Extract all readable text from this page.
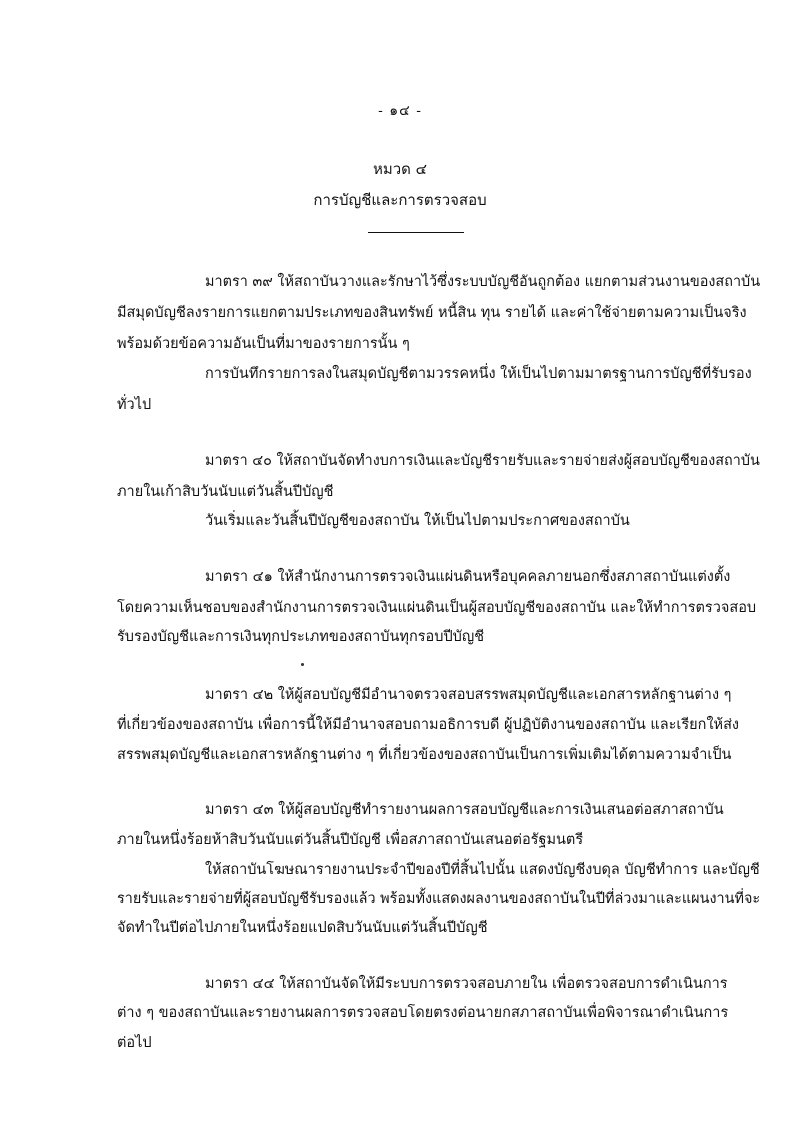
- ๑๔ -
หมวด ๔
การบัญชีและการตรวจสอบ
มาตรา ๓๙ ให้สถาบันวางและรักษาไว้ซึ่งระบบบัญชีอันถูกต้อง แยกตามส่วนงานของสถาบัน
มีสมุดบัญชีลงรายการแยกตามประเภทของสินทรัพย์ หนี้สิน ทุน รายได้ และค่าใช้จ่ายตามความเป็นจริง
พร้อมด้วยข้อความอันเป็นที่มาของรายการนั้น ๆ
การบันทึกรายการลงในสมุดบัญชีตามวรรคหนึ่ง ให้เป็นไปตามมาตรฐานการบัญชีที่รับรอง
ทั่วไป
มาตรา ๔๐ ให้สถาบันจัดทำงบการเงินและบัญชีรายรับและรายจ่ายส่งผู้สอบบัญชีของสถาบัน
ภายในเก้าสิบวันนับแต่วันสิ้นปีบัญชี
วันเริ่มและวันสิ้นปีบัญชีของสถาบัน ให้เป็นไปตามประกาศของสถาบัน
มาตรา ๔๑ ให้สำนักงานการตรวจเงินแผ่นดินหรือบุคคลภายนอกซึ่งสภาสถาบันแต่งตั้ง
โดยความเห็นชอบของสำนักงานการตรวจเงินแผ่นดินเป็นผู้สอบบัญชีของสถาบัน และให้ทำการตรวจสอบ
รับรองบัญชีและการเงินทุกประเภทของสถาบันทุกรอบปีบัญชี
มาตรา ๔๒ ให้ผู้สอบบัญชีมีอำนาจตรวจสอบสรรพสมุดบัญชีและเอกสารหลักฐานต่าง ๆ
ที่เกี่ยวข้องของสถาบัน เพื่อการนี้ให้มีอำนาจสอบถามอธิการบดี ผู้ปฏิบัติงานของสถาบัน และเรียกให้ส่ง
สรรพสมุดบัญชีและเอกสารหลักฐานต่าง ๆ ที่เกี่ยวข้องของสถาบันเป็นการเพิ่มเติมได้ตามความจำเป็น
มาตรา ๔๓ ให้ผู้สอบบัญชีทำรายงานผลการสอบบัญชีและการเงินเสนอต่อสภาสถาบัน
ภายในหนึ่งร้อยห้าสิบวันนับแต่วันสิ้นปีบัญชี เพื่อสภาสถาบันเสนอต่อรัฐมนตรี
ให้สถาบันโฆษณารายงานประจำปีของปีที่สิ้นไปนั้น แสดงบัญชีงบดุล บัญชีทำการ และบัญชี
รายรับและรายจ่ายที่ผู้สอบบัญชีรับรองแล้ว พร้อมทั้งแสดงผลงานของสถาบันในปีที่ล่วงมาและแผนงานที่จะ
จัดทำในปีต่อไปภายในหนึ่งร้อยแปดสิบวันนับแต่วันสิ้นปีบัญชี
มาตรา ๔๔ ให้สถาบันจัดให้มีระบบการตรวจสอบภายใน เพื่อตรวจสอบการดำเนินการ
ต่าง ๆ ของสถาบันและรายงานผลการตรวจสอบโดยตรงต่อนายกสภาสถาบันเพื่อพิจารณาดำเนินการ
ต่อไป
